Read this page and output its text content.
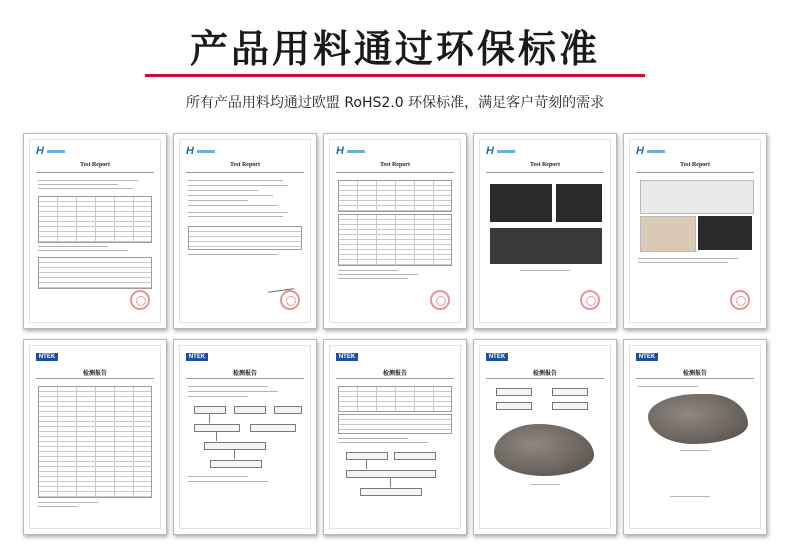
产品用料通过环保标准
所有产品用料均通过欧盟 RoHS2.0 环保标准，满足客户苛刻的需求
H
Test Report
H
Test Report
H
Test Report
H
Test Report
H
Test Report
NTEK
检测报告
NTEK
检测报告
NTEK
检测报告
NTEK
检测报告
NTEK
检测报告
